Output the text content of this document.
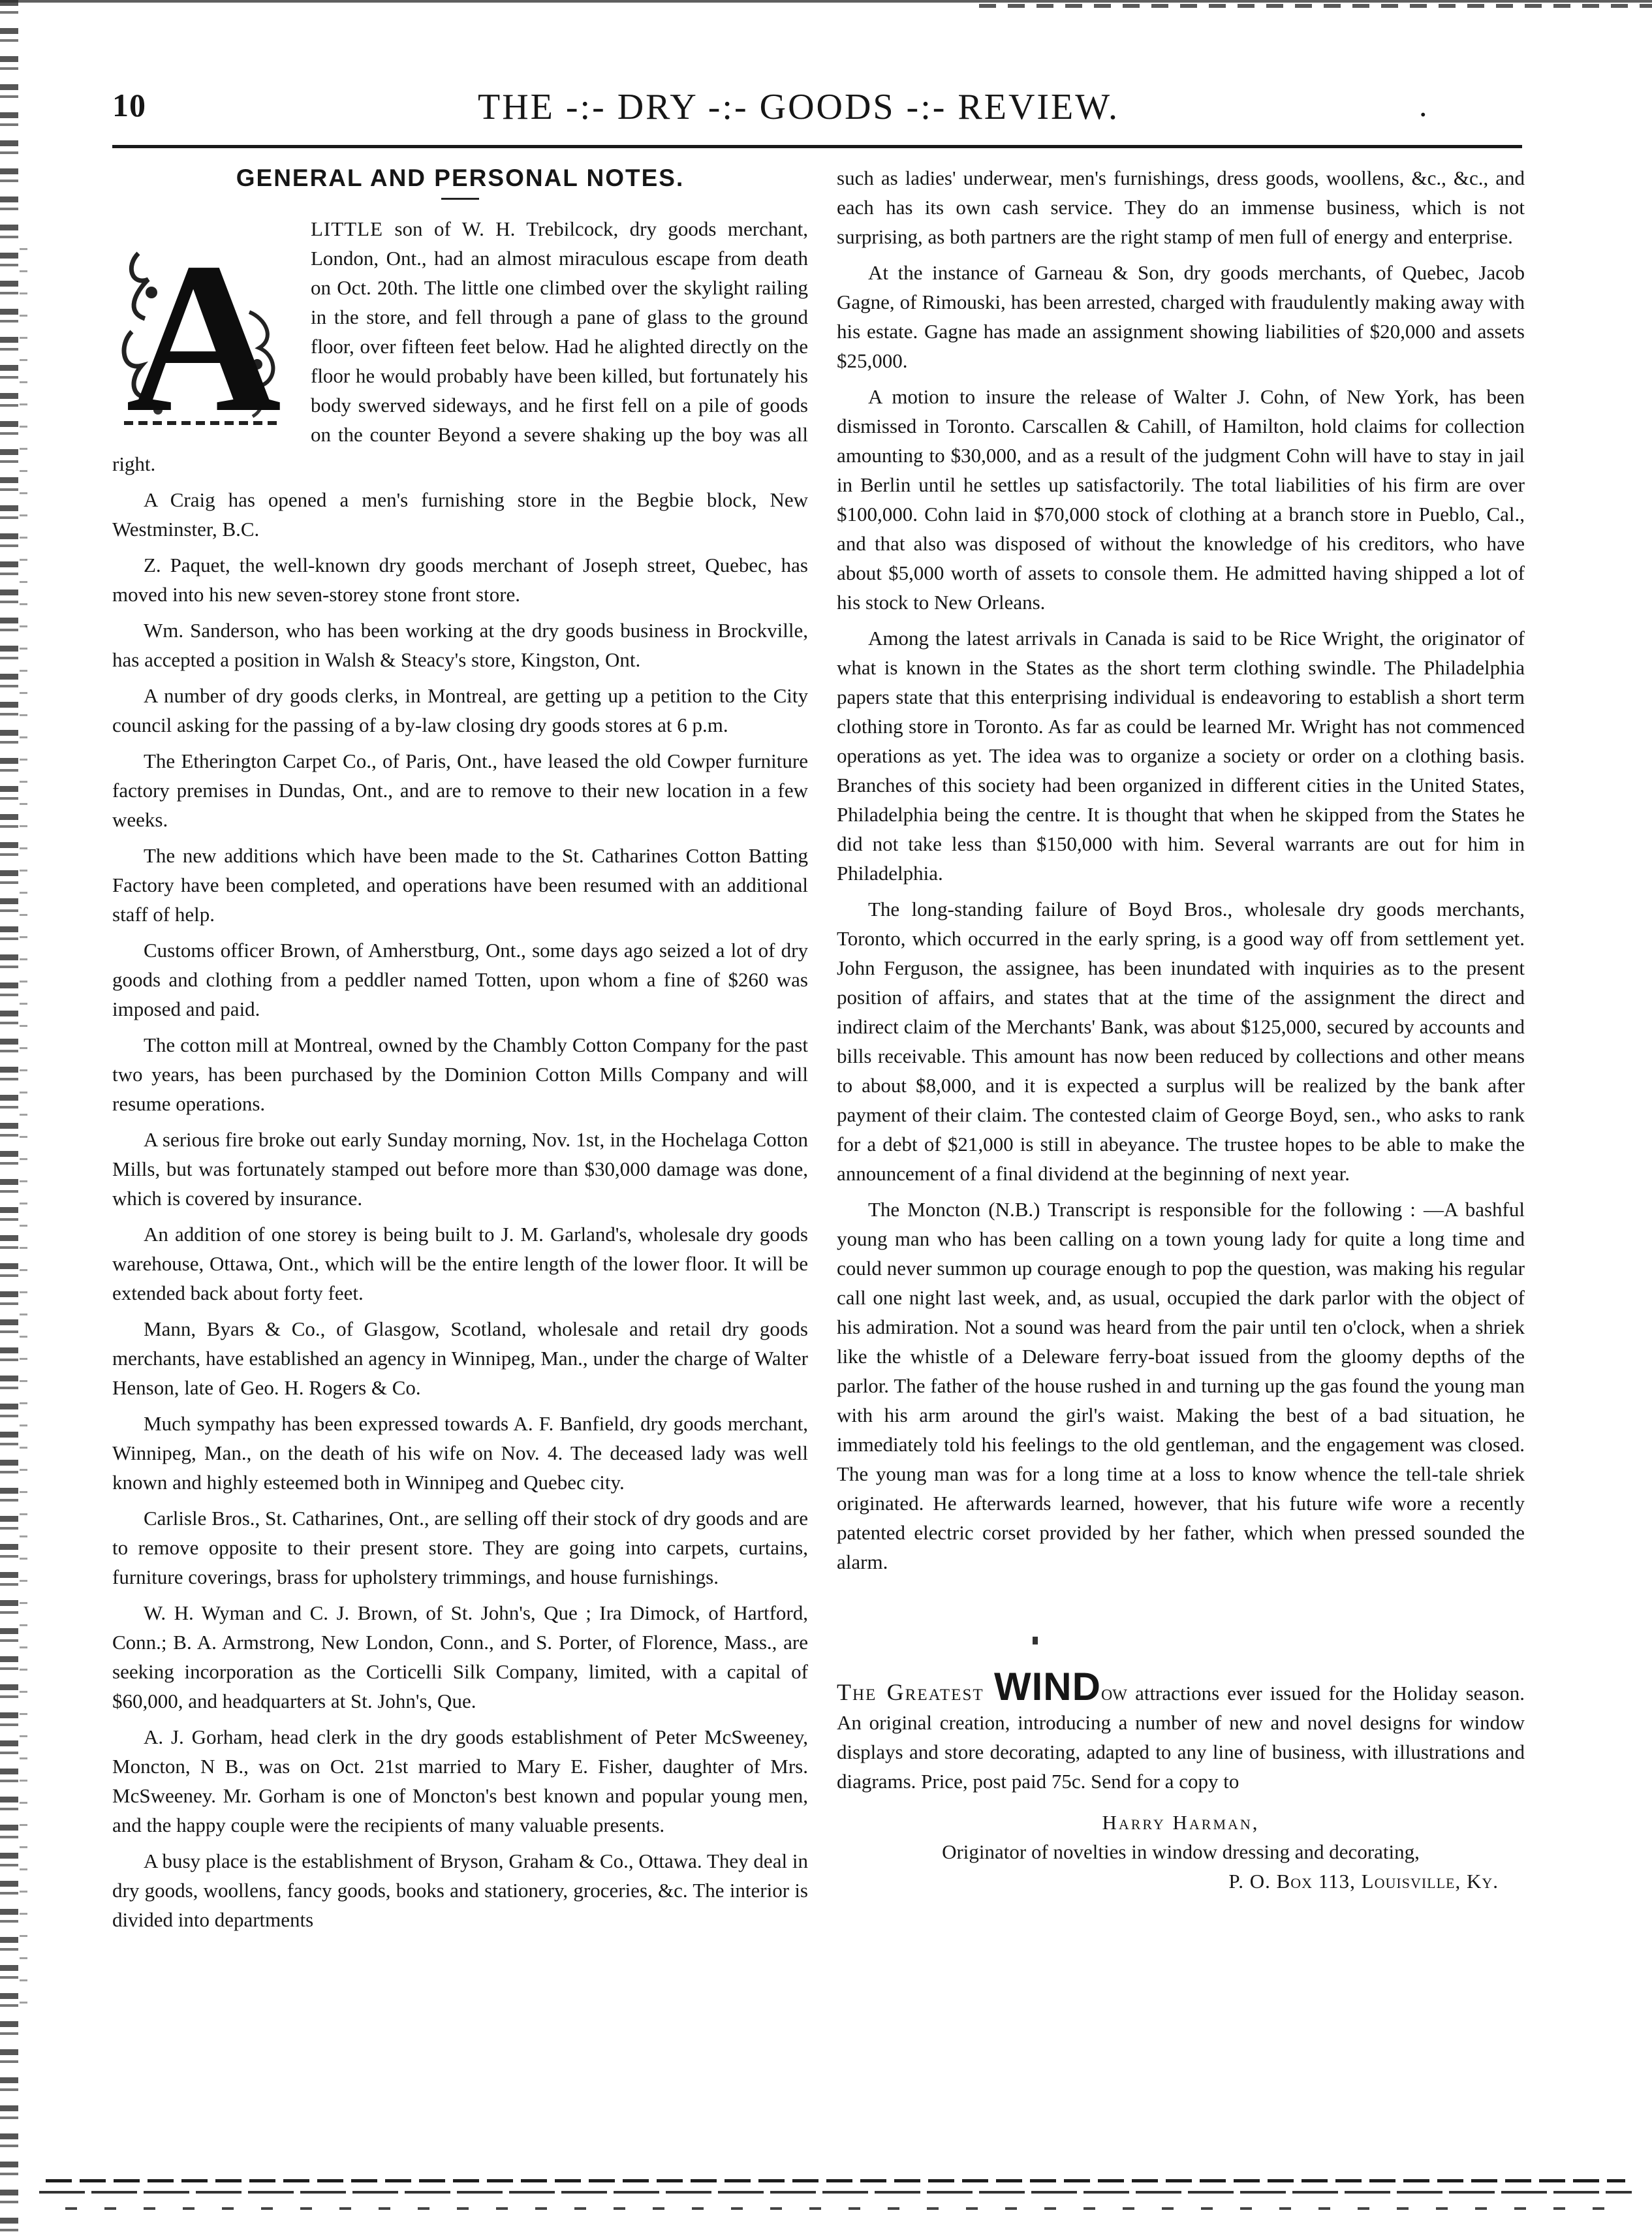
10	THE -:- DRY -:- GOODS -:- REVIEW.	.
GENERAL AND PERSONAL NOTES.

A LITTLE son of W. H. Trebilcock, dry goods merchant, London, Ont., had an almost miraculous escape from death on Oct. 20th. The little one climbed over the skylight railing in the store, and fell through a pane of glass to the ground floor, over fifteen feet below. Had he alighted directly on the floor he would probably have been killed, but fortunately his body swerved sideways, and he first fell on a pile of goods on the counter Beyond a severe shaking up the boy was all right.

A Craig has opened a men's furnishing store in the Begbie block, New Westminster, B.C.

Z. Paquet, the well-known dry goods merchant of Joseph street, Quebec, has moved into his new seven-storey stone front store.

Wm. Sanderson, who has been working at the dry goods business in Brockville, has accepted a position in Walsh & Steacy's store, Kingston, Ont.

A number of dry goods clerks, in Montreal, are getting up a petition to the City council asking for the passing of a by-law closing dry goods stores at 6 p.m.

The Etherington Carpet Co., of Paris, Ont., have leased the old Cowper furniture factory premises in Dundas, Ont., and are to remove to their new location in a few weeks.

The new additions which have been made to the St. Catharines Cotton Batting Factory have been completed, and operations have been resumed with an additional staff of help.

Customs officer Brown, of Amherstburg, Ont., some days ago seized a lot of dry goods and clothing from a peddler named Totten, upon whom a fine of $260 was imposed and paid.

The cotton mill at Montreal, owned by the Chambly Cotton Company for the past two years, has been purchased by the Dominion Cotton Mills Company and will resume operations.

A serious fire broke out early Sunday morning, Nov. 1st, in the Hochelaga Cotton Mills, but was fortunately stamped out before more than $30,000 damage was done, which is covered by insurance.

An addition of one storey is being built to J. M. Garland's, wholesale dry goods warehouse, Ottawa, Ont., which will be the entire length of the lower floor. It will be extended back about forty feet.

Mann, Byars & Co., of Glasgow, Scotland, wholesale and retail dry goods merchants, have established an agency in Winnipeg, Man., under the charge of Walter Henson, late of Geo. H. Rogers & Co.

Much sympathy has been expressed towards A. F. Banfield, dry goods merchant, Winnipeg, Man., on the death of his wife on Nov. 4. The deceased lady was well known and highly esteemed both in Winnipeg and Quebec city.

Carlisle Bros., St. Catharines, Ont., are selling off their stock of dry goods and are to remove opposite to their present store. They are going into carpets, curtains, furniture coverings, brass for upholstery trimmings, and house furnishings.

W. H. Wyman and C. J. Brown, of St. John's, Que ; Ira Dimock, of Hartford, Conn.; B. A. Armstrong, New London, Conn., and S. Porter, of Florence, Mass., are seeking incorporation as the Corticelli Silk Company, limited, with a capital of $60,000, and headquarters at St. John's, Que.

A. J. Gorham, head clerk in the dry goods establishment of Peter McSweeney, Moncton, N B., was on Oct. 21st married to Mary E. Fisher, daughter of Mrs. McSweeney. Mr. Gorham is one of Moncton's best known and popular young men, and the happy couple were the recipients of many valuable presents.

A busy place is the establishment of Bryson, Graham & Co., Ottawa. They deal in dry goods, woollens, fancy goods, books and stationery, groceries, &c. The interior is divided into departments

such as ladies' underwear, men's furnishings, dress goods, woollens, &c., &c., and each has its own cash service. They do an immense business, which is not surprising, as both partners are the right stamp of men full of energy and enterprise.

At the instance of Garneau & Son, dry goods merchants, of Quebec, Jacob Gagne, of Rimouski, has been arrested, charged with fraudulently making away with his estate. Gagne has made an assignment showing liabilities of $20,000 and assets $25,000.

A motion to insure the release of Walter J. Cohn, of New York, has been dismissed in Toronto. Carscallen & Cahill, of Hamilton, hold claims for collection amounting to $30,000, and as a result of the judgment Cohn will have to stay in jail in Berlin until he settles up satisfactorily. The total liabilities of his firm are over $100,000. Cohn laid in $70,000 stock of clothing at a branch store in Pueblo, Cal., and that also was disposed of without the knowledge of his creditors, who have about $5,000 worth of assets to console them. He admitted having shipped a lot of his stock to New Orleans.

Among the latest arrivals in Canada is said to be Rice Wright, the originator of what is known in the States as the short term clothing swindle. The Philadelphia papers state that this enterprising individual is endeavoring to establish a short term clothing store in Toronto. As far as could be learned Mr. Wright has not commenced operations as yet. The idea was to organize a society or order on a clothing basis. Branches of this society had been organized in different cities in the United States, Philadelphia being the centre. It is thought that when he skipped from the States he did not take less than $150,000 with him. Several warrants are out for him in Philadelphia.

The long-standing failure of Boyd Bros., wholesale dry goods merchants, Toronto, which occurred in the early spring, is a good way off from settlement yet. John Ferguson, the assignee, has been inundated with inquiries as to the present position of affairs, and states that at the time of the assignment the direct and indirect claim of the Merchants' Bank, was about $125,000, secured by accounts and bills receivable. This amount has now been reduced by collections and other means to about $8,000, and it is expected a surplus will be realized by the bank after payment of their claim. The contested claim of George Boyd, sen., who asks to rank for a debt of $21,000 is still in abeyance. The trustee hopes to be able to make the announcement of a final dividend at the beginning of next year.

The Moncton (N.B.) Transcript is responsible for the following : —A bashful young man who has been calling on a town young lady for quite a long time and could never summon up courage enough to pop the question, was making his regular call one night last week, and, as usual, occupied the dark parlor with the object of his admiration. Not a sound was heard from the pair until ten o'clock, when a shriek like the whistle of a Deleware ferry-boat issued from the gloomy depths of the parlor. The father of the house rushed in and turning up the gas found the young man with his arm around the girl's waist. Making the best of a bad situation, he immediately told his feelings to the old gentleman, and the engagement was closed. The young man was for a long time at a loss to know whence the tell-tale shriek originated. He afterwards learned, however, that his future wife wore a recently patented electric corset provided by her father, which when pressed sounded the alarm.

The Greatest WINDow attractions ever issued for the Holiday season. An original creation, introducing a number of new and novel designs for window displays and store decorating, adapted to any line of business, with illustrations and diagrams. Price, post paid 75c. Send for a copy to
Harry Harman,
Originator of novelties in window dressing and decorating,
P. O. Box 113, Louisville, Ky.
